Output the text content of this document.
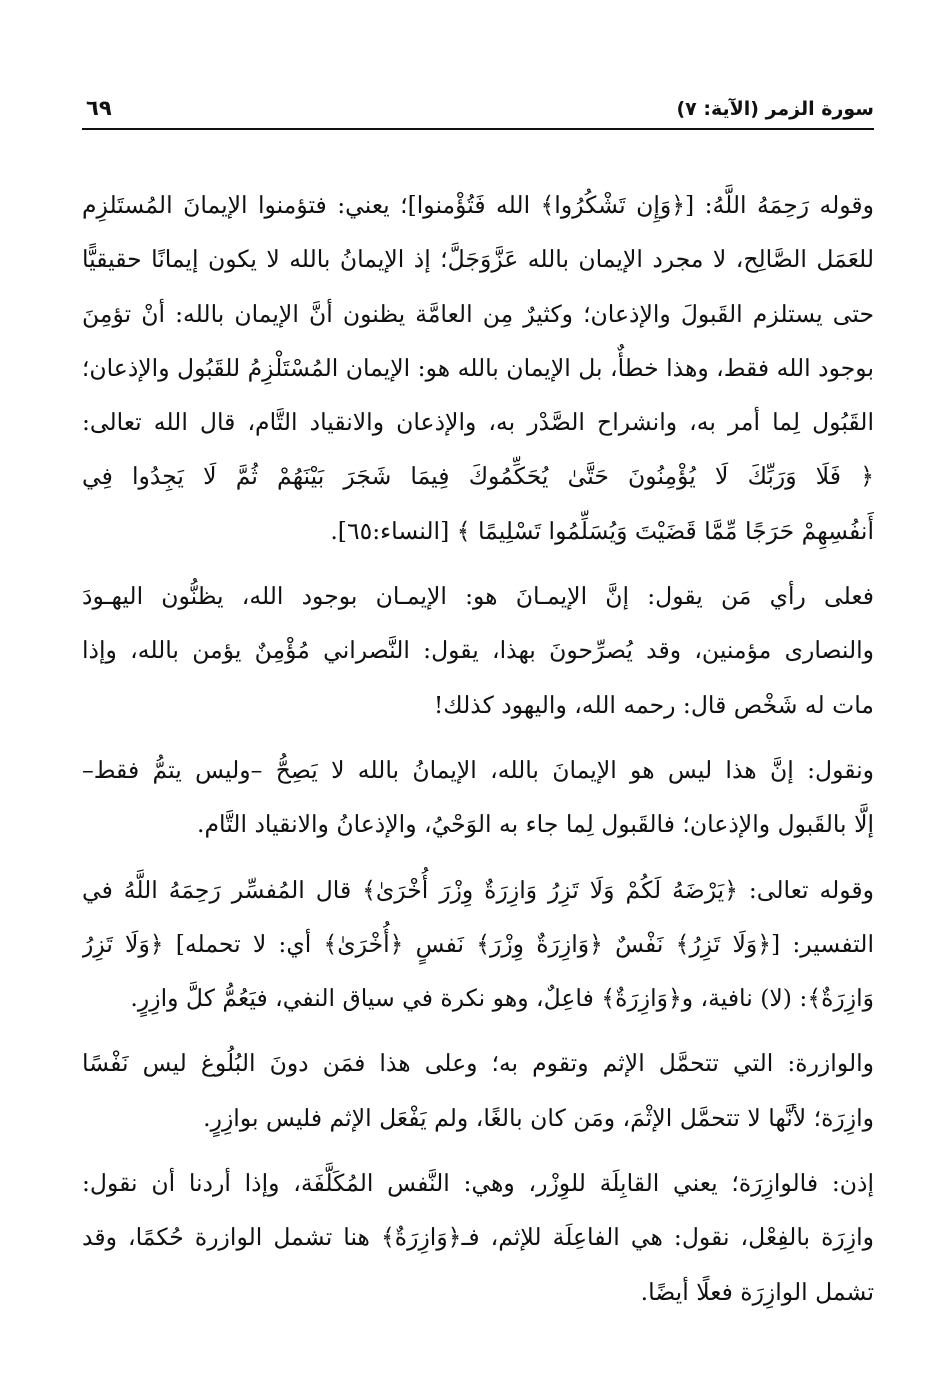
سورة الزمر (الآية: ٧)
٦٩
وقوله رَحِمَهُ اللَّهُ: [﴿وَإِن تَشْكُرُوا﴾ الله فَتُؤْمنوا]؛ يعني: فتؤمنوا الإيمانَ المُستَلزِم
للعَمَل الصَّالِح، لا مجرد الإيمان بالله عَزَّوَجَلَّ؛ إذ الإيمانُ بالله لا يكون إيمانًا حقيقيًّا
حتى يستلزم القَبولَ والإذعان؛ وكثيرٌ مِن العامَّة يظنون أنَّ الإيمان بالله: أنْ تؤمِنَ
بوجود الله فقط، وهذا خطأٌ، بل الإيمان بالله هو: الإيمان المُسْتَلْزِمُ للقَبُول والإذعان؛
القَبُول لِما أمر به، وانشراح الصَّدْر به، والإذعان والانقياد التَّام، قال الله تعالى:
﴿ فَلَا وَرَبِّكَ لَا يُؤْمِنُونَ حَتَّىٰ يُحَكِّمُوكَ فِيمَا شَجَرَ بَيْنَهُمْ ثُمَّ لَا يَجِدُوا فِي
أَنفُسِهِمْ حَرَجًا مِّمَّا قَضَيْتَ وَيُسَلِّمُوا تَسْلِيمًا ﴾ [النساء:٦٥].
فعلى رأي مَن يقول: إنَّ الإيمـانَ هو: الإيمـان بوجود الله، يظنُّون اليهـودَ
والنصارى مؤمنين، وقد يُصرِّحونَ بهذا، يقول: النَّصراني مُؤْمِنٌ يؤمن بالله، وإذا
مات له شَخْص قال: رحمه الله، واليهود كذلك!
ونقول: إنَّ هذا ليس هو الإيمانَ بالله، الإيمانُ بالله لا يَصِحُّ –وليس يتمُّ فقط–
إلَّا بالقَبول والإذعان؛ فالقَبول لِما جاء به الوَحْيُ، والإذعانُ والانقياد التَّام.
وقوله تعالى: ﴿يَرْضَهُ لَكُمْ وَلَا تَزِرُ وَازِرَةٌ وِزْرَ أُخْرَىٰ﴾ قال المُفسِّر رَحِمَهُ اللَّهُ في
التفسير: [﴿وَلَا تَزِرُ﴾ نَفْسٌ ﴿وَازِرَةٌ وِزْرَ﴾ نَفسٍ ﴿أُخْرَىٰ﴾ أي: لا تحمله] ﴿وَلَا تَزِرُ
وَازِرَةٌ﴾: (لا) نافية، و﴿وَازِرَةٌ﴾ فاعِلٌ، وهو نكرة في سياق النفي، فيَعُمُّ كلَّ وازِرٍ.
والوازرة: التي تتحمَّل الإثم وتقوم به؛ وعلى هذا فمَن دونَ البُلُوغ ليس نَفْسًا
وازِرَة؛ لأنَّها لا تتحمَّل الإثْمَ، ومَن كان بالغًا، ولم يَفْعَل الإثم فليس بوازِرٍ.
إذن: فالوازِرَة؛ يعني القابِلَة للوِزْر، وهي: النَّفس المُكَلَّفَة، وإذا أردنا أن نقول:
وازِرَة بالفِعْل، نقول: هي الفاعِلَة للإثم، فـ﴿وَازِرَةٌ﴾ هنا تشمل الوازرة حُكمًا، وقد
تشمل الوازِرَة فعلًا أيضًا.
